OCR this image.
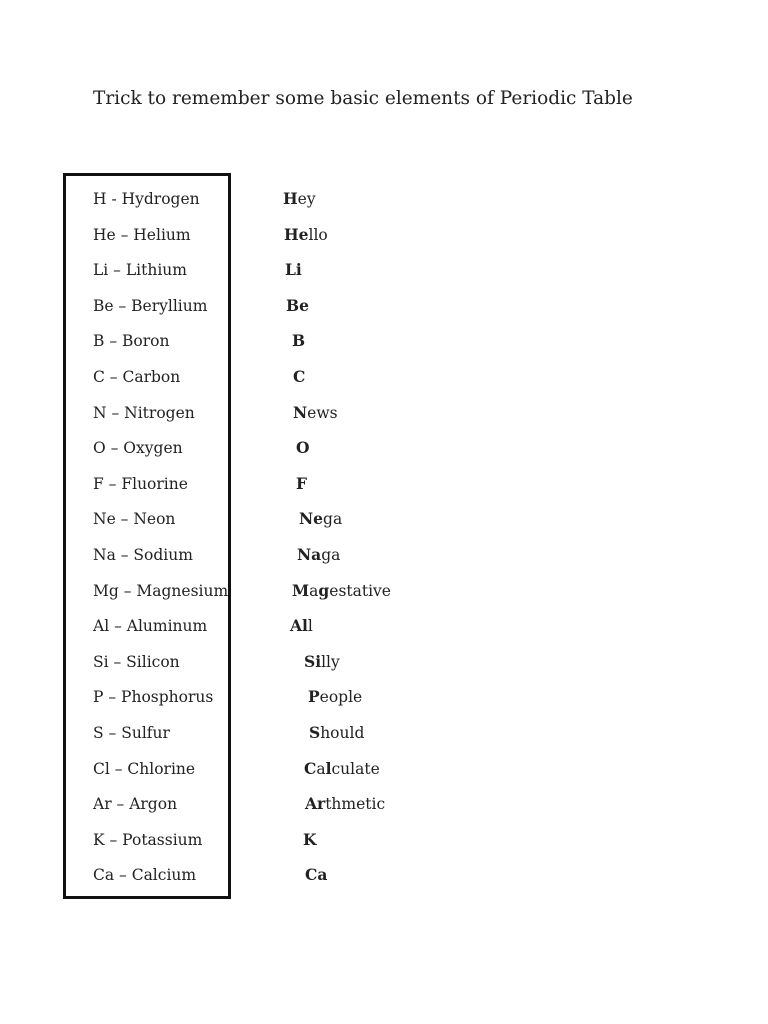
Trick to remember some basic elements of Periodic Table
H - Hydrogen	Hey
He – Helium	Hello
Li – Lithium	Li
Be – Beryllium	Be
B – Boron	B
C – Carbon	C
N – Nitrogen	News
O – Oxygen	O
F – Fluorine	F
Ne – Neon	Nega
Na – Sodium	Naga
Mg – Magnesium	Magestative
Al – Aluminum	All
Si – Silicon	Silly
P – Phosphorus	People
S – Sulfur	Should
Cl – Chlorine	Calculate
Ar – Argon	Arthmetic
K – Potassium	K
Ca – Calcium	Ca
